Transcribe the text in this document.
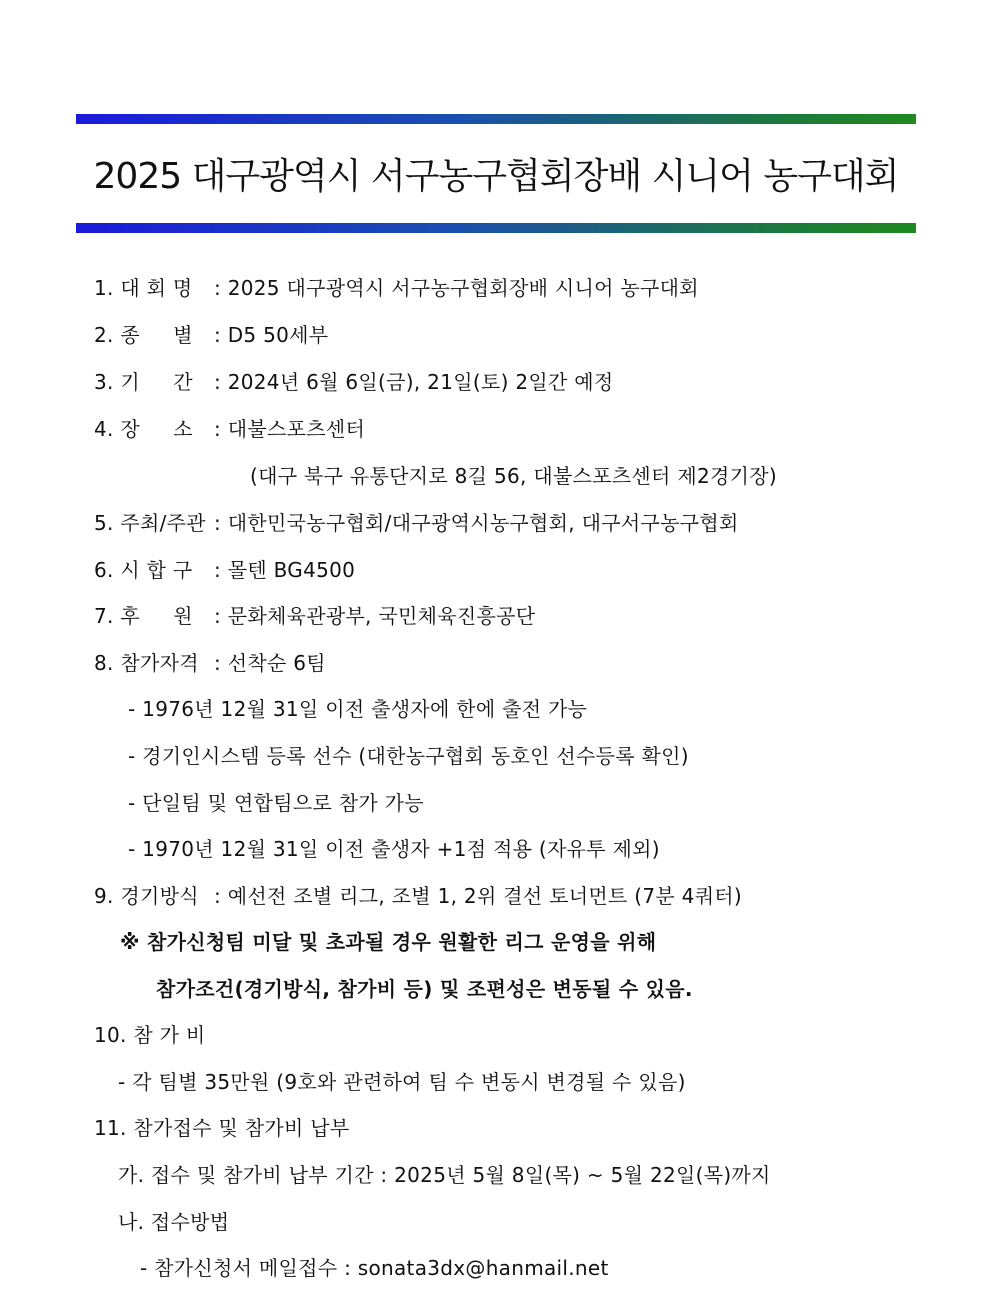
2025 대구광역시 서구농구협회장배 시니어 농구대회
1. 대 회 명 : 2025 대구광역시 서구농구협회장배 시니어 농구대회
2. 종     별 : D5 50세부
3. 기     간 : 2024년 6월 6일(금), 21일(토) 2일간 예정
4. 장     소 : 대불스포츠센터
(대구 북구 유통단지로 8길 56, 대불스포츠센터 제2경기장)
5. 주최/주관 : 대한민국농구협회/대구광역시농구협회, 대구서구농구협회
6. 시 합 구 : 몰텐 BG4500
7. 후     원 : 문화체육관광부, 국민체육진흥공단
8. 참가자격 : 선착순 6팀
- 1976년 12월 31일 이전 출생자에 한에 출전 가능
- 경기인시스템 등록 선수 (대한농구협회 동호인 선수등록 확인)
- 단일팀 및 연합팀으로 참가 가능
- 1970년 12월 31일 이전 출생자 +1점 적용 (자유투 제외)
9. 경기방식 : 예선전 조별 리그, 조별 1, 2위 결선 토너먼트 (7분 4쿼터)
※ 참가신청팀 미달 및 초과될 경우 원활한 리그 운영을 위해
참가조건(경기방식, 참가비 등) 및 조편성은 변동될 수 있음.
10. 참 가 비
- 각 팀별 35만원 (9호와 관련하여 팀 수 변동시 변경될 수 있음)
11. 참가접수 및 참가비 납부
가. 접수 및 참가비 납부 기간 : 2025년 5월 8일(목) ~ 5월 22일(목)까지
나. 접수방법
- 참가신청서 메일접수 : sonata3dx@hanmail.net
